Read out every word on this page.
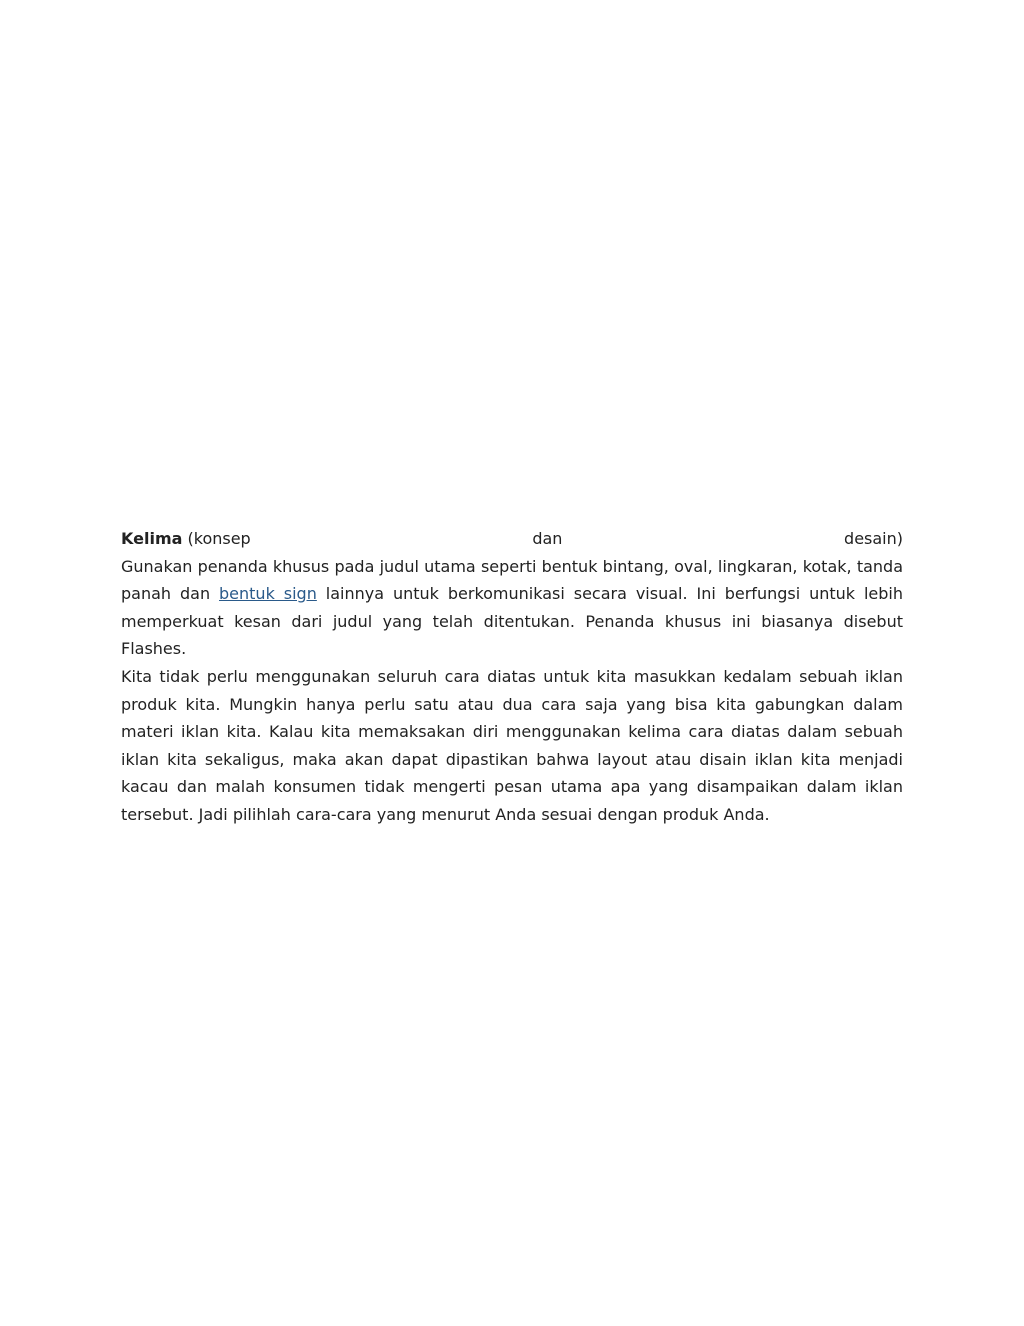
Kelima (konsep	dan	desain)

Gunakan penanda khusus pada judul utama seperti bentuk bintang, oval, lingkaran, kotak, tanda panah dan bentuk sign lainnya untuk berkomunikasi secara visual. Ini berfungsi untuk lebih memperkuat kesan dari judul yang telah ditentukan. Penanda khusus ini biasanya disebut Flashes.

Kita tidak perlu menggunakan seluruh cara diatas untuk kita masukkan kedalam sebuah iklan produk kita. Mungkin hanya perlu satu atau dua cara saja yang bisa kita gabungkan dalam materi iklan kita. Kalau kita memaksakan diri menggunakan kelima cara diatas dalam sebuah iklan kita sekaligus, maka akan dapat dipastikan bahwa layout atau disain iklan kita menjadi kacau dan malah konsumen tidak mengerti pesan utama apa yang disampaikan dalam iklan tersebut. Jadi pilihlah cara-cara yang menurut Anda sesuai dengan produk Anda.
